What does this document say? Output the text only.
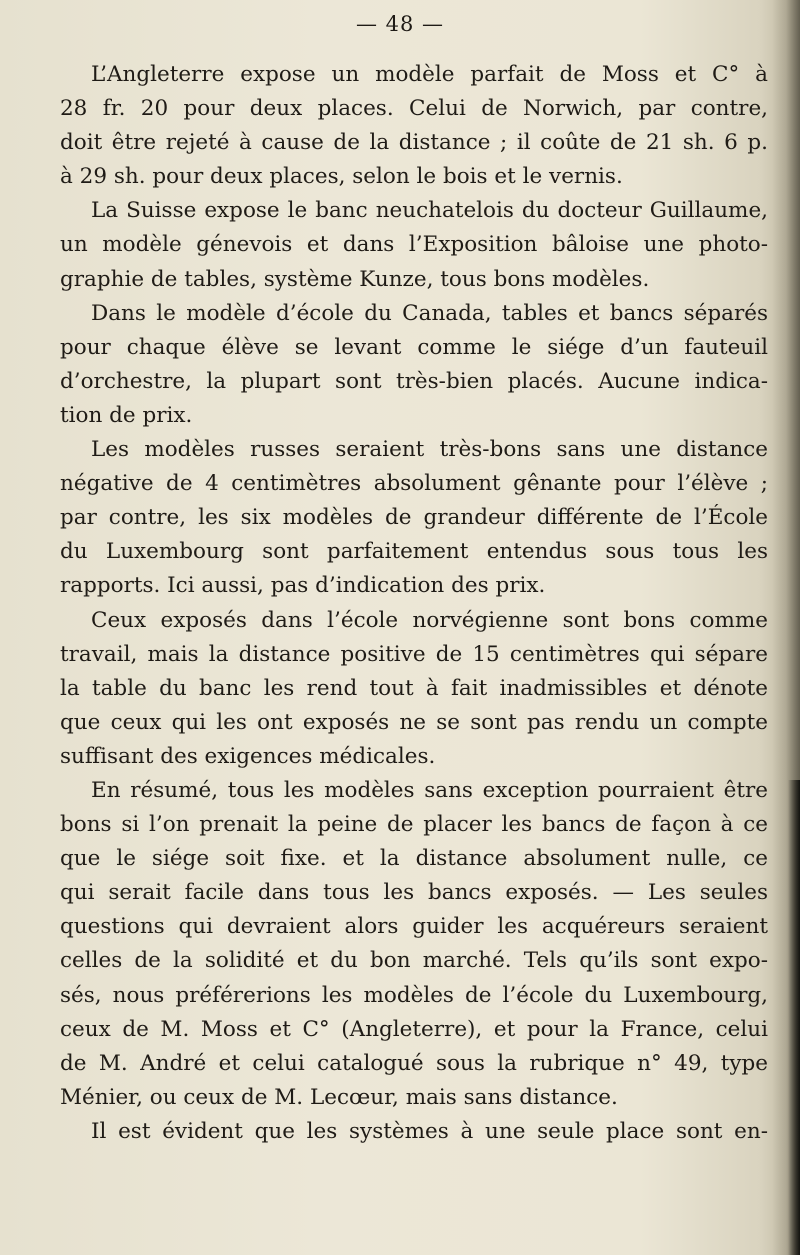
— 48 —
L’Angleterre expose un modèle parfait de Moss et C° à
28 fr. 20 pour deux places. Celui de Norwich, par contre,
doit être rejeté à cause de la distance ; il coûte de 21 sh. 6 p.
à 29 sh. pour deux places, selon le bois et le vernis.
La Suisse expose le banc neuchatelois du docteur Guillaume,
un modèle génevois et dans l’Exposition bâloise une photo-
graphie de tables, système Kunze, tous bons modèles.
Dans le modèle d’école du Canada, tables et bancs séparés
pour chaque élève se levant comme le siége d’un fauteuil
d’orchestre, la plupart sont très-bien placés. Aucune indica-
tion de prix.
Les modèles russes seraient très-bons sans une distance
négative de 4 centimètres absolument gênante pour l’élève ;
par contre, les six modèles de grandeur différente de l’École
du Luxembourg sont parfaitement entendus sous tous les
rapports. Ici aussi, pas d’indication des prix.
Ceux exposés dans l’école norvégienne sont bons comme
travail, mais la distance positive de 15 centimètres qui sépare
la table du banc les rend tout à fait inadmissibles et dénote
que ceux qui les ont exposés ne se sont pas rendu un compte
suffisant des exigences médicales.
En résumé, tous les modèles sans exception pourraient être
bons si l’on prenait la peine de placer les bancs de façon à ce
que le siége soit fixe. et la distance absolument nulle, ce
qui serait facile dans tous les bancs exposés. — Les seules
questions qui devraient alors guider les acquéreurs seraient
celles de la solidité et du bon marché. Tels qu’ils sont expo-
sés, nous préférerions les modèles de l’école du Luxembourg,
ceux de M. Moss et C° (Angleterre), et pour la France, celui
de M. André et celui catalogué sous la rubrique n° 49, type
Ménier, ou ceux de M. Lecœur, mais sans distance.
Il est évident que les systèmes à une seule place sont en-
